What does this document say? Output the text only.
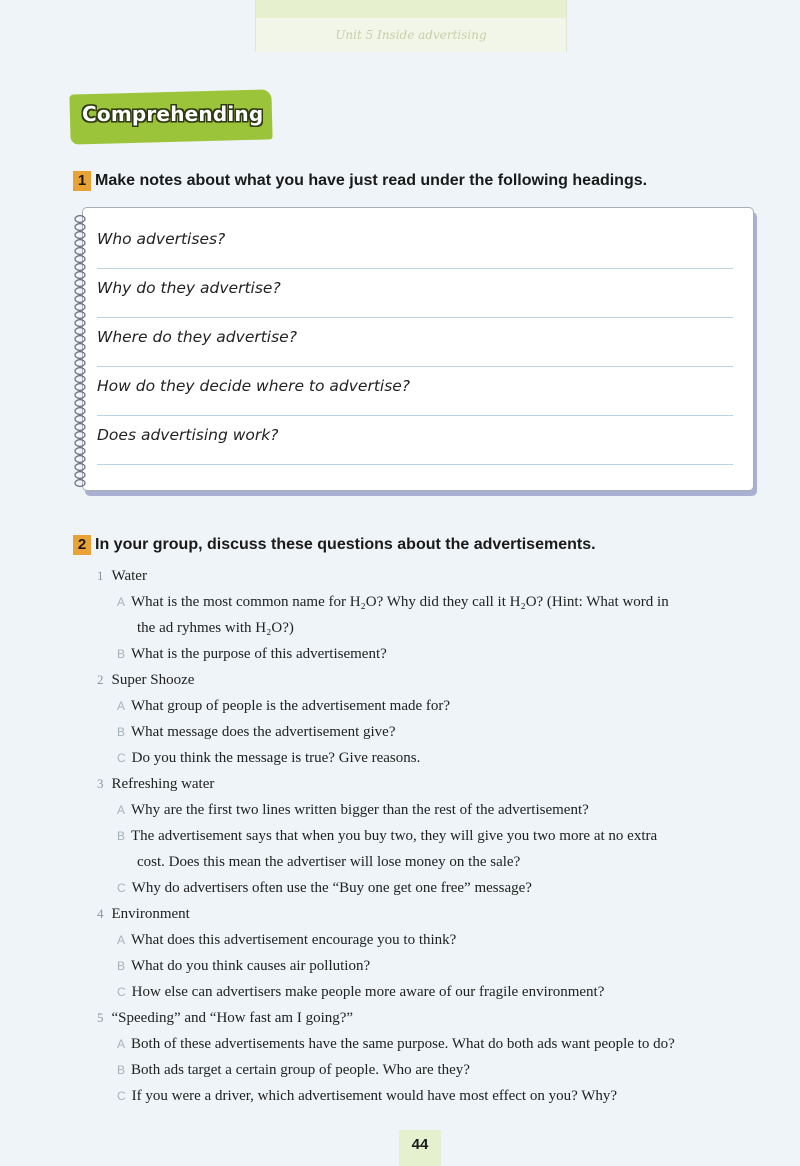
Unit 5 Inside advertising
Comprehending
1 Make notes about what you have just read under the following headings.
Who advertises?
Why do they advertise?
Where do they advertise?
How do they decide where to advertise?
Does advertising work?
2 In your group, discuss these questions about the advertisements.
1 Water
A What is the most common name for H₂O? Why did they call it H₂O? (Hint: What word in
the ad ryhmes with H₂O?)
B What is the purpose of this advertisement?
2 Super Shooze
A What group of people is the advertisement made for?
B What message does the advertisement give?
C Do you think the message is true? Give reasons.
3 Refreshing water
A Why are the first two lines written bigger than the rest of the advertisement?
B The advertisement says that when you buy two, they will give you two more at no extra
cost. Does this mean the advertiser will lose money on the sale?
C Why do advertisers often use the “Buy one get one free” message?
4 Environment
A What does this advertisement encourage you to think?
B What do you think causes air pollution?
C How else can advertisers make people more aware of our fragile environment?
5 “Speeding” and “How fast am I going?”
A Both of these advertisements have the same purpose. What do both ads want people to do?
B Both ads target a certain group of people. Who are they?
C If you were a driver, which advertisement would have most effect on you? Why?
44
